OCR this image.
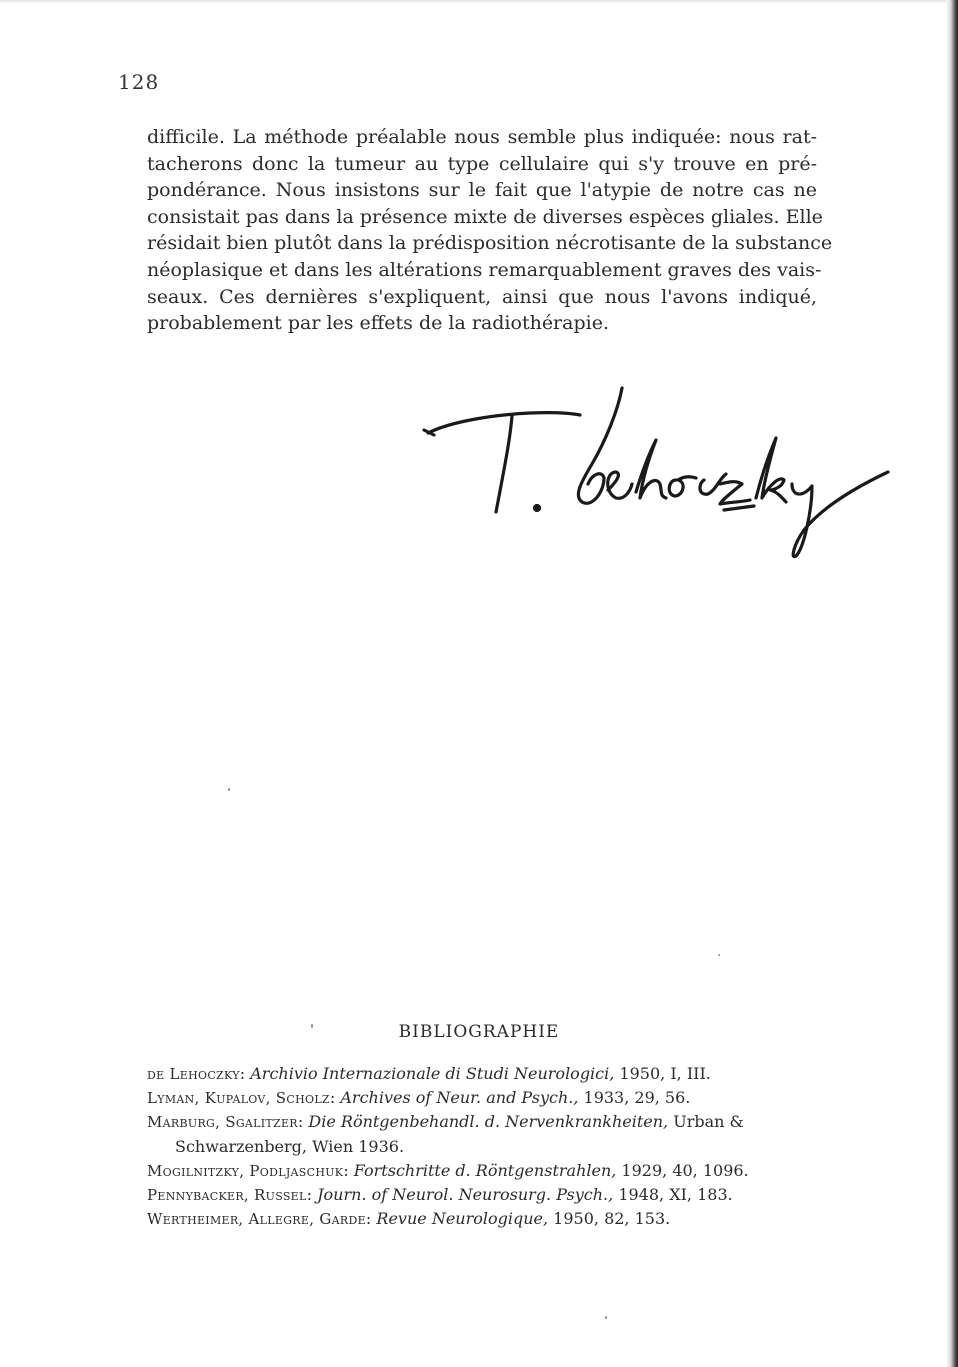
128
difficile. La méthode préalable nous semble plus indiquée: nous rat-
tacherons donc la tumeur au type cellulaire qui s'y trouve en pré-
pondérance. Nous insistons sur le fait que l'atypie de notre cas ne
consistait pas dans la présence mixte de diverses espèces gliales. Elle
résidait bien plutôt dans la prédisposition nécrotisante de la substance
néoplasique et dans les altérations remarquablement graves des vais-
seaux. Ces dernières s'expliquent, ainsi que nous l'avons indiqué,
probablement par les effets de la radiothérapie.
BIBLIOGRAPHIE
de Lehoczky: Archivio Internazionale di Studi Neurologici, 1950, I, III.
Lyman, Kupalov, Scholz: Archives of Neur. and Psych., 1933, 29, 56.
Marburg, Sgalitzer: Die Röntgenbehandl. d. Nervenkrankheiten, Urban &
Schwarzenberg, Wien 1936.
Mogilnitzky, Podljaschuk: Fortschritte d. Röntgenstrahlen, 1929, 40, 1096.
Pennybacker, Russel: Journ. of Neurol. Neurosurg. Psych., 1948, XI, 183.
Wertheimer, Allegre, Garde: Revue Neurologique, 1950, 82, 153.
